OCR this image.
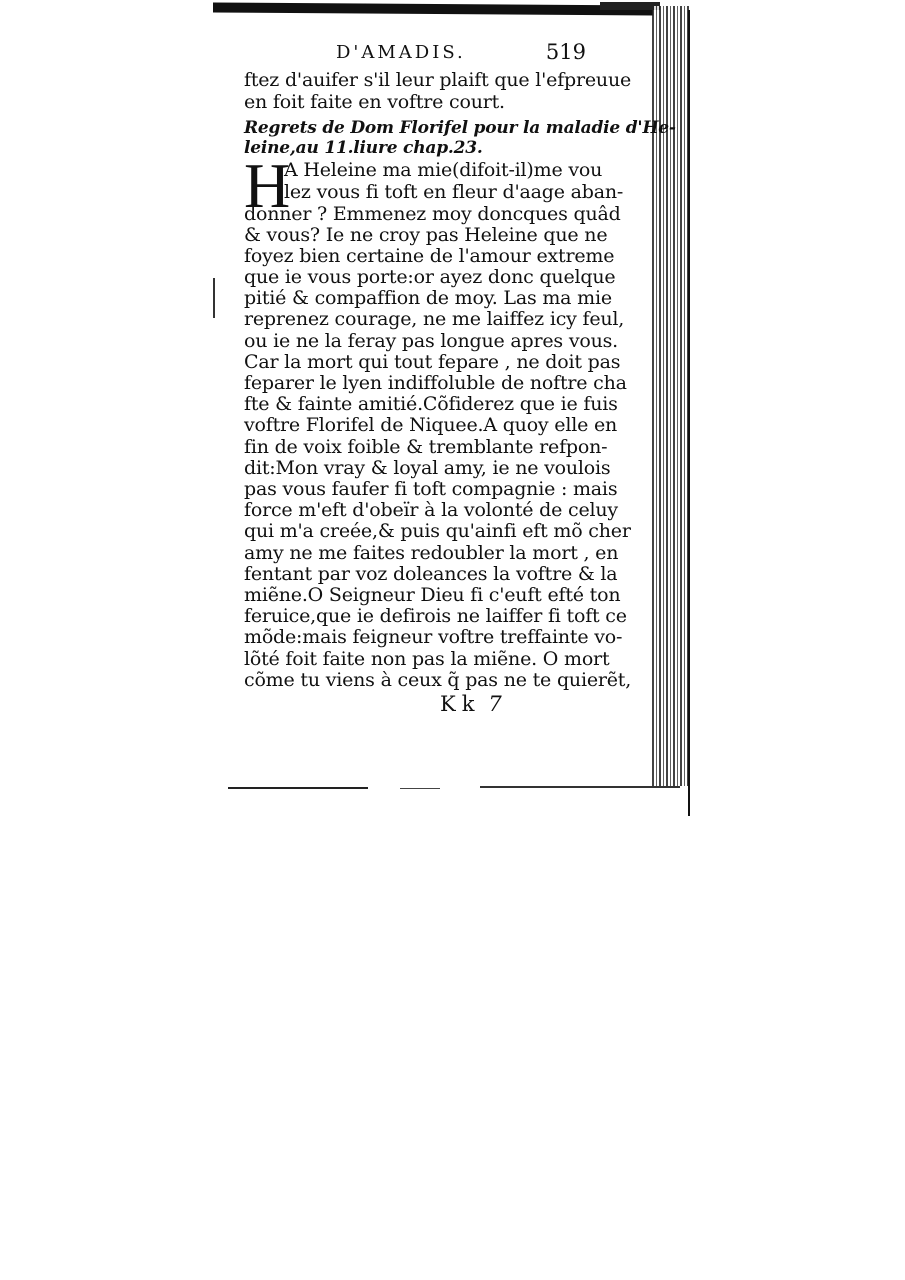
D'AMADIS.	519
ftez d'auifer s'il leur plaift que l'efpreuue
en foit faite en voftre court.
Regrets de Dom Florifel pour la maladie d'He-
leine,au 11.liure chap.23.
H
A Heleine ma mie(difoit-il)me vou
lez vous fi toft en fleur d'aage aban-
donner ? Emmenez moy doncques quâd
& vous? Ie ne croy pas Heleine que ne
foyez bien certaine de l'amour extreme
que ie vous porte:or ayez donc quelque
pitié & compaffion de moy. Las ma mie
reprenez courage, ne me laiffez icy feul,
ou ie ne la feray pas longue apres vous.
Car la mort qui tout fepare , ne doit pas
feparer le lyen indiffoluble de noftre cha
fte & fainte amitié.Cõfiderez que ie fuis
voftre Florifel de Niquee.A quoy elle en
fin de voix foible & tremblante refpon-
dit:Mon vray & loyal amy, ie ne voulois
pas vous faufer fi toft compagnie : mais
force m'eft d'obeïr à la volonté de celuy
qui m'a creée,& puis qu'ainfi eft mõ cher
amy ne me faites redoubler la mort , en
fentant par voz doleances la voftre & la
miẽne.O Seigneur Dieu fi c'euft efté ton
feruice,que ie defirois ne laiffer fi toft ce
mõde:mais feigneur voftre treffainte vo-
lõté foit faite non pas la miẽne. O mort
cõme tu viens à ceux q̃ pas ne te quierẽt,
Kk 7
